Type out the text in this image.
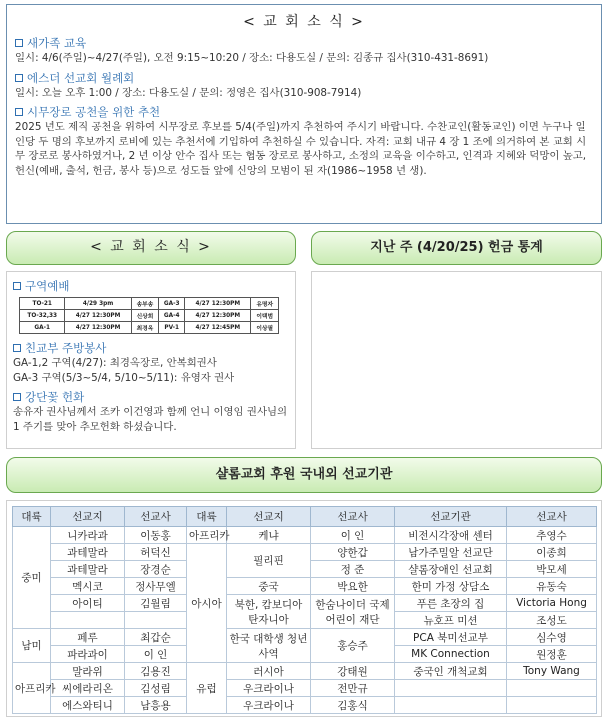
< 교 회 소 식 >
새가족 교육
일시: 4/6(주일)~4/27(주일), 오전 9:15~10:20 / 장소: 다용도실 / 문의: 김종규 집사(310-431-8691)
에스더 선교회 월례회
일시: 오늘 오후 1:00 / 장소: 다용도실 / 문의: 정영은 집사(310-908-7914)
시무장로 공천을 위한 추천
2025 년도 제직 공천을 위하여 시무장로 후보를 5/4(주일)까지 추천하여 주시기 바랍니다. 수찬교인(활동교인) 이면 누구나 일인당 두 명의 후보까지 로비에 있는 추천서에 기입하여 추천하실 수 있습니다. 자격: 교회 내규 4 장 1 조에 의거하여 본 교회 시무 장로로 봉사하였거나, 2 년 이상 안수 집사 또는 협동 장로로 봉사하고, 소정의 교육을 이수하고, 인격과 지혜와 덕망이 높고, 헌신(예배, 출석, 헌금, 봉사 등)으로 성도들 앞에 신앙의 모범이 된 자(1986~1958 년 생).
< 교 회 소 식 >	지난 주 (4/20/25) 헌금 통계
구역예배
TO-21	4/29 3pm	송부송	GA-3	4/27 12:30PM	유명자
TO-32,33	4/27 12:30PM	신상희	GA-4	4/27 12:30PM	이택범
GA-1	4/27 12:30PM	최경옥	PV-1	4/27 12:45PM	이상필
친교부 주방봉사
GA-1,2 구역(4/27): 최경옥장로, 안복희권사
GA-3 구역(5/3~5/4, 5/10~5/11): 유영자 권사
강단꽃 헌화
송유자 권사님께서 조카 이건영과 함께 언니 이영임 권사님의 1 주기를 맞아 추모헌화 하셨습니다.
샬롬교회 후원 국내외 선교기관
대륙	선교지	선교사	대륙	선교지	선교사	선교기관	선교사
중미	니카라과	이동홍	아프리카	케냐	이 인	비전시각장애 센터	추영수
	과테말라	허덕신	아시아	필리핀	양한갑	남가주밀알 선교단	이종희
	과테말라	장경순			정 준	샬롬장애인 선교회	박모세
	멕시코	정사무엘		중국	박요한	한미 가정 상담소	유동숙
	아이티	김월림		북한, 캄보디아 탄자니아	한숨나이더 국제어린이 재단	푸른 초장의 집	Victoria Hong
						뉴호프 미션	조성도
남미	페루	최갑순		한국 대학생 청년 사역	홍승주	PCA 북미선교부	심수영
	파라과이	이 인				MK Connection	원정훈
아프리카	말라위	김용진	유럽	러시아	강태원	중국인 개척교회	Tony Wang
	씨에라리온	김성림		우크라이나	전만규		
	에스와티니	남흥용		우크라이나	김홍식		
